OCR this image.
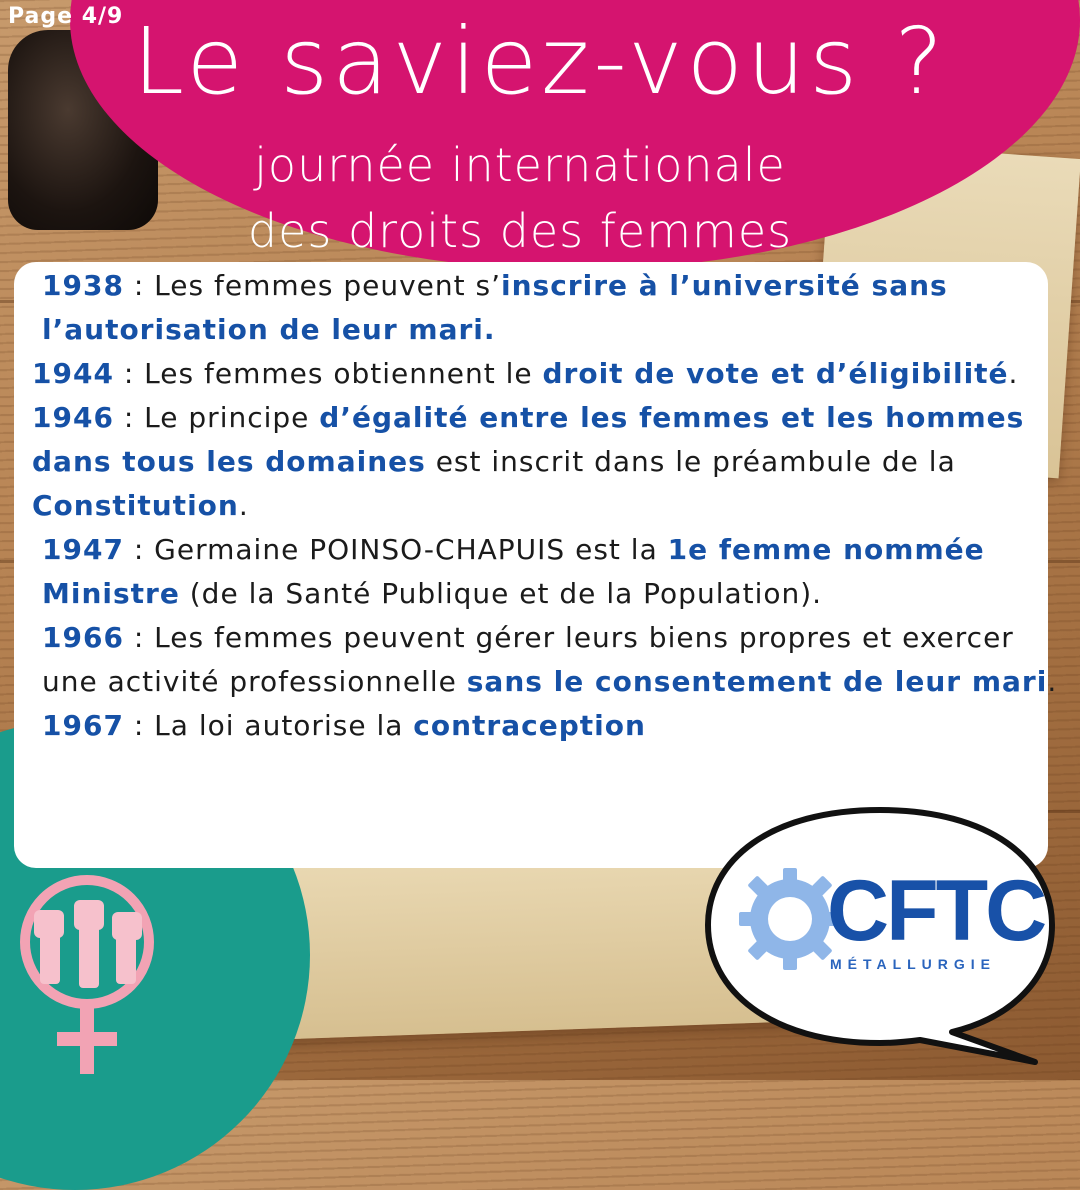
Page 4/9 Le saviez-vous ?
journée internationale
des droits des femmes
1938 : Les femmes peuvent s’inscrire à l’université sans l’autorisation de leur mari.
1944 : Les femmes obtiennent le droit de vote et d’éligibilité.
1946 : Le principe d’égalité entre les femmes et les hommes dans tous les domaines est inscrit dans le préambule de la Constitution.
1947 : Germaine POINSO-CHAPUIS est la 1e femme nommée Ministre (de la Santé Publique et de la Population).
1966 : Les femmes peuvent gérer leurs biens propres et exercer une activité professionnelle sans le consentement de leur mari.
1967 : La loi autorise la contraception
CFTC
MÉTALLURGIE
